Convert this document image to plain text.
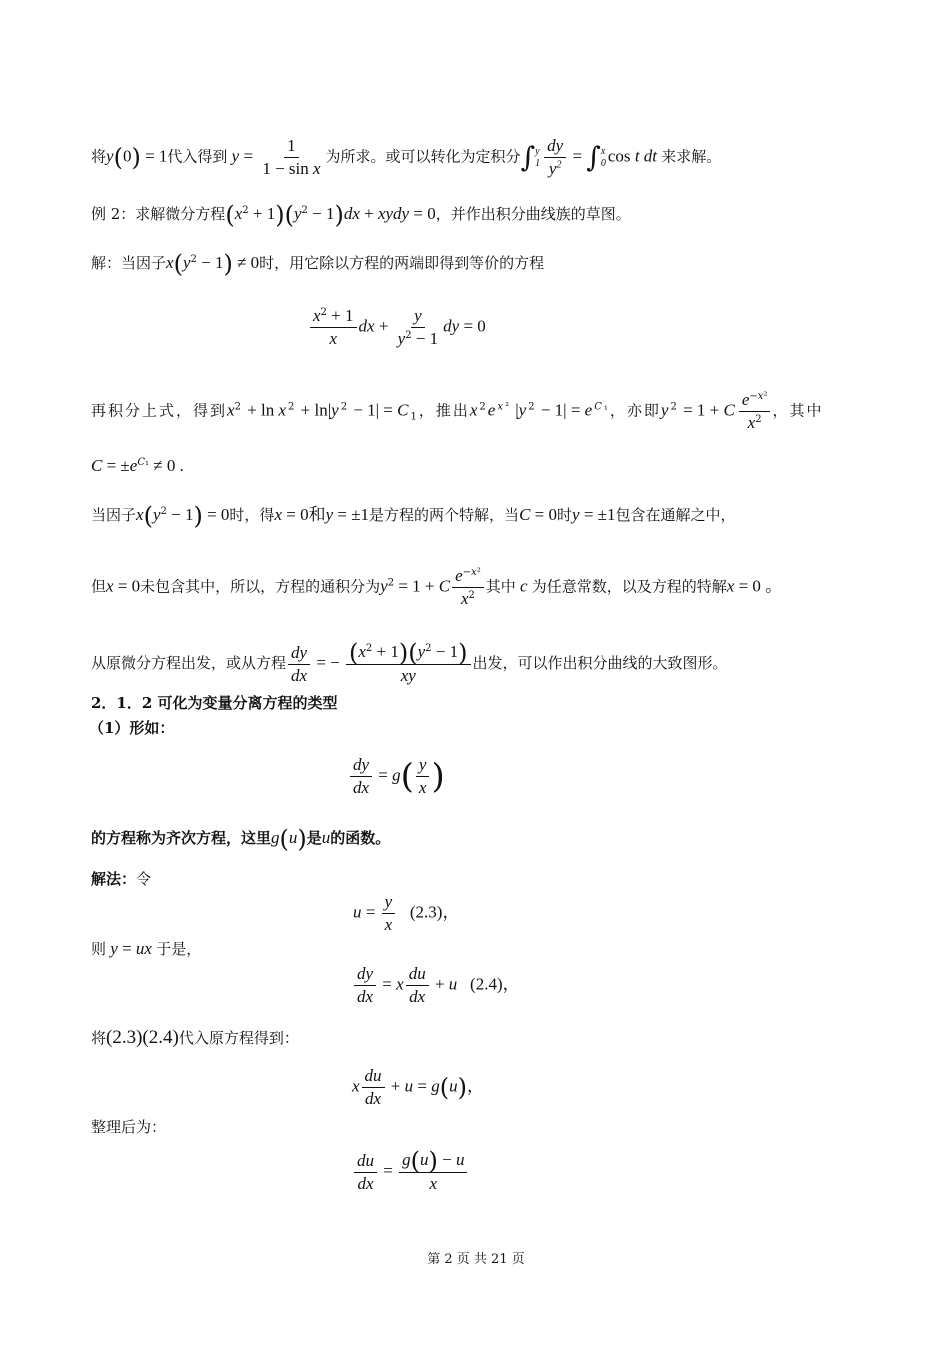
将y(0) = 1代入得到 $y = \frac{1}{\text{1 − sin x}}$ 为所求。或可以转化为定积分∫ y
$1 \frac{dy}{y^2}$ = ∫ x
0 cos t dt 来求解。
例 2：求解微分方程$(x^2 + 1)(y^2 - 1)dx$ + xydy = 0，并作出积分曲线族的草图。
解：当因子$x(y^2 - 1) \ne 0$时，用它除以方程的两端即得到等价的方程
$\frac{x^2 + 1}{x}$ dx + $\frac{y}{y^2 - 1}$ dy = 0
再积分上式，得到$x^2 + \ln x^2 + \ln|y^2 - 1| = C_1$，推出$x^2e^{x^2}$ $|y^2 - 1| = e^{C_1}$，亦即$y^2 = 1 + C \frac{e^{-x^2}}{x^2}$ ，其中
$C = \pm e^{C_1} \ne 0$ .
当因子$x(y^2 - 1) = 0$时，得x = 0和y = ±1是方程的两个特解，当C = 0时y = ±1包含在通解之中，
但x = 0未包含其中，所以，方程的通积分为$y^2 = 1 + C \frac{e^{-x^2}}{x^2}$ 其中 c 为任意常数，以及方程的特解x = 0 。
从原微分方程出发，或从方程 $\frac{dy}{dx}$ = − $\frac{(x^2 + 1)(y^2 - 1)}{xy}$ 出发，可以作出积分曲线的大致图形。
2．1．2 可化为变量分离方程的类型
（1）形如：
$\frac{dy}{dx} = g( \frac{y}{x}$ )
的方程称为齐次方程，这里g(u)是u的函数。
解法：令
$u = \frac{y}{x} (2.3)$，
则 y = ux 于是，
$\frac{dy}{dx} = x \frac{du}{dx} + u$ (2.4)，
将(2.3)(2.4)代入原方程得到：
x $\frac{du}{dx} + u = g(u)$，
整理后为：
$\frac{du}{dx} = \frac{g(u) - u}{x}$
第 2 页 共 21 页
